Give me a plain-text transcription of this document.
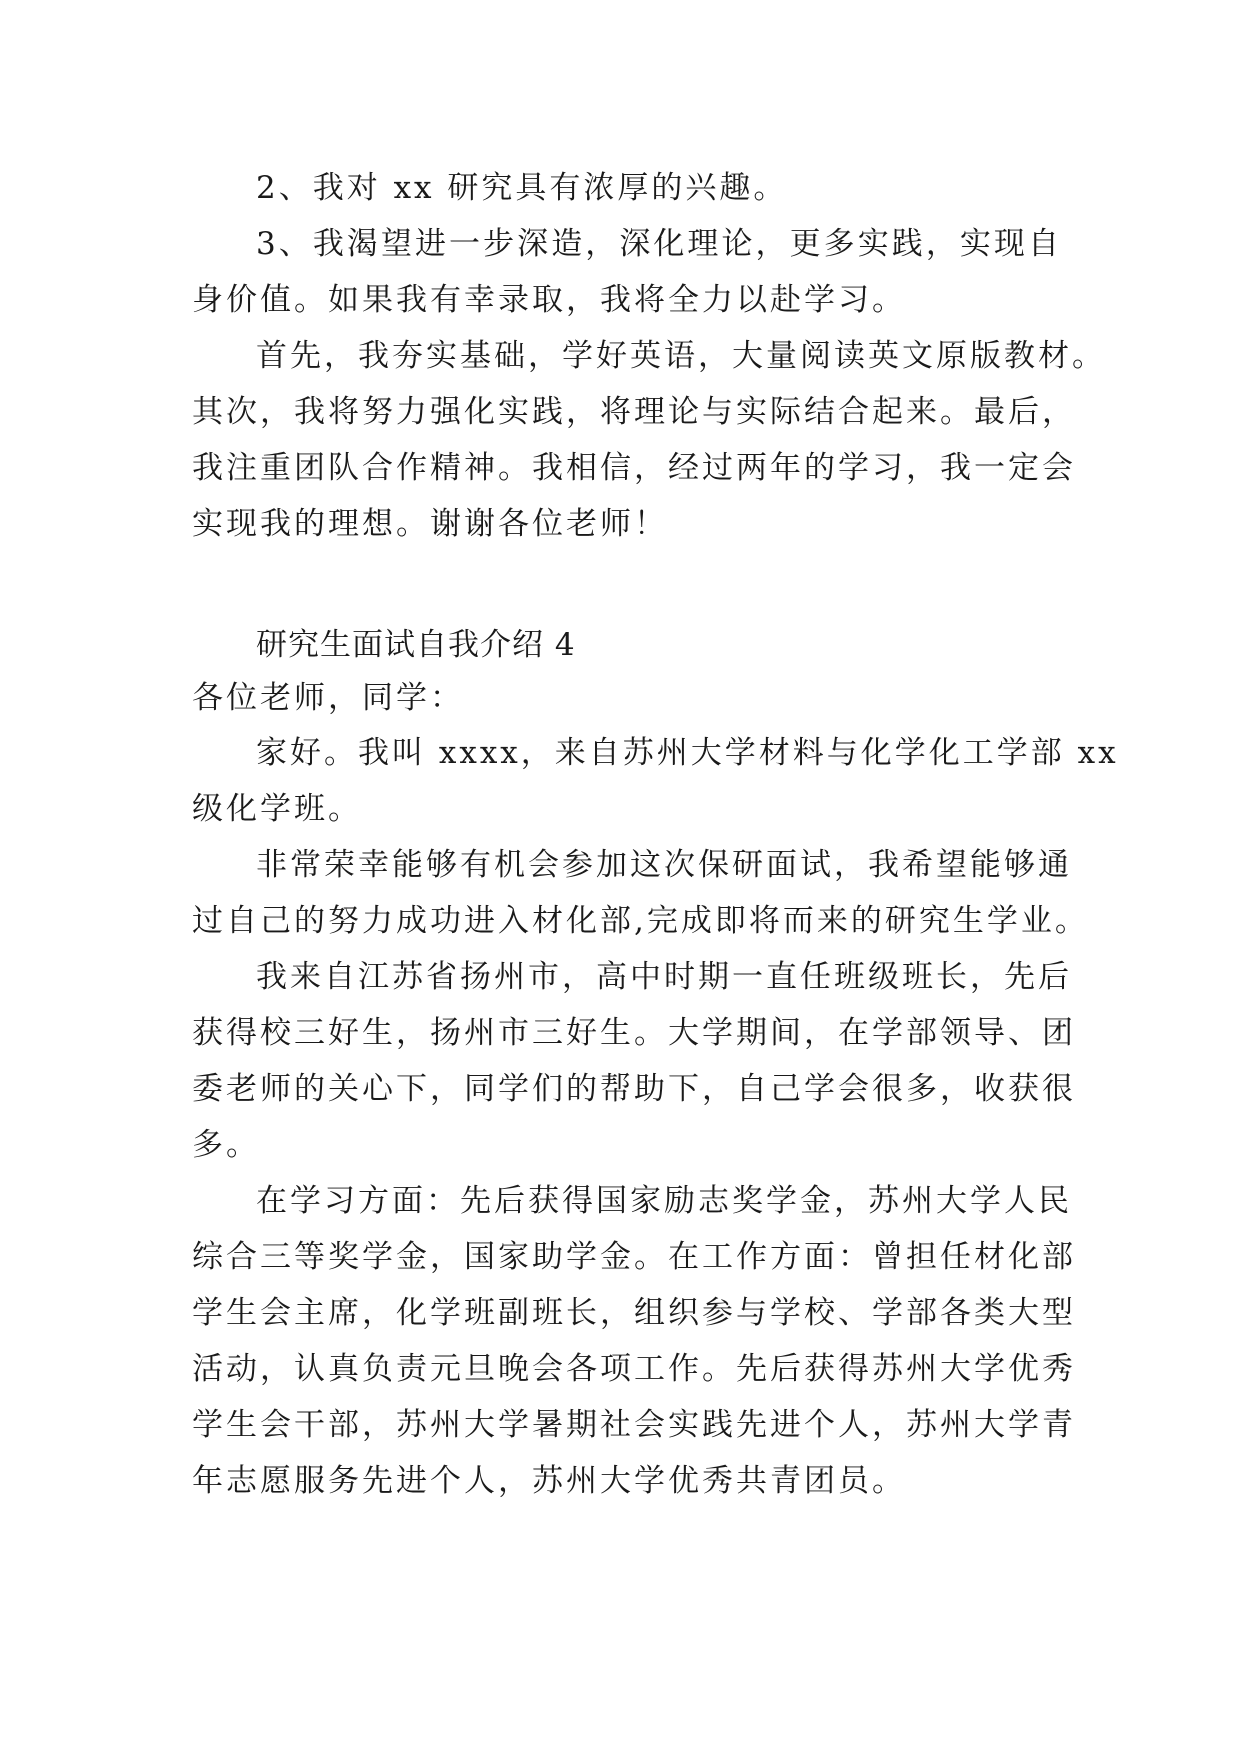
2、我对 xx 研究具有浓厚的兴趣。
3、我渴望进一步深造，深化理论，更多实践，实现自
身价值。如果我有幸录取，我将全力以赴学习。
首先，我夯实基础，学好英语，大量阅读英文原版教材。
其次，我将努力强化实践，将理论与实际结合起来。最后，
我注重团队合作精神。我相信，经过两年的学习，我一定会
实现我的理想。谢谢各位老师！
研究生面试自我介绍 4
各位老师，同学：
家好。我叫 xxxx，来自苏州大学材料与化学化工学部 xx
级化学班。
非常荣幸能够有机会参加这次保研面试，我希望能够通
过自己的努力成功进入材化部,完成即将而来的研究生学业。
我来自江苏省扬州市，高中时期一直任班级班长，先后
获得校三好生，扬州市三好生。大学期间，在学部领导、团
委老师的关心下，同学们的帮助下，自己学会很多，收获很
多。
在学习方面：先后获得国家励志奖学金，苏州大学人民
综合三等奖学金，国家助学金。在工作方面：曾担任材化部
学生会主席，化学班副班长，组织参与学校、学部各类大型
活动，认真负责元旦晚会各项工作。先后获得苏州大学优秀
学生会干部，苏州大学暑期社会实践先进个人，苏州大学青
年志愿服务先进个人，苏州大学优秀共青团员。
